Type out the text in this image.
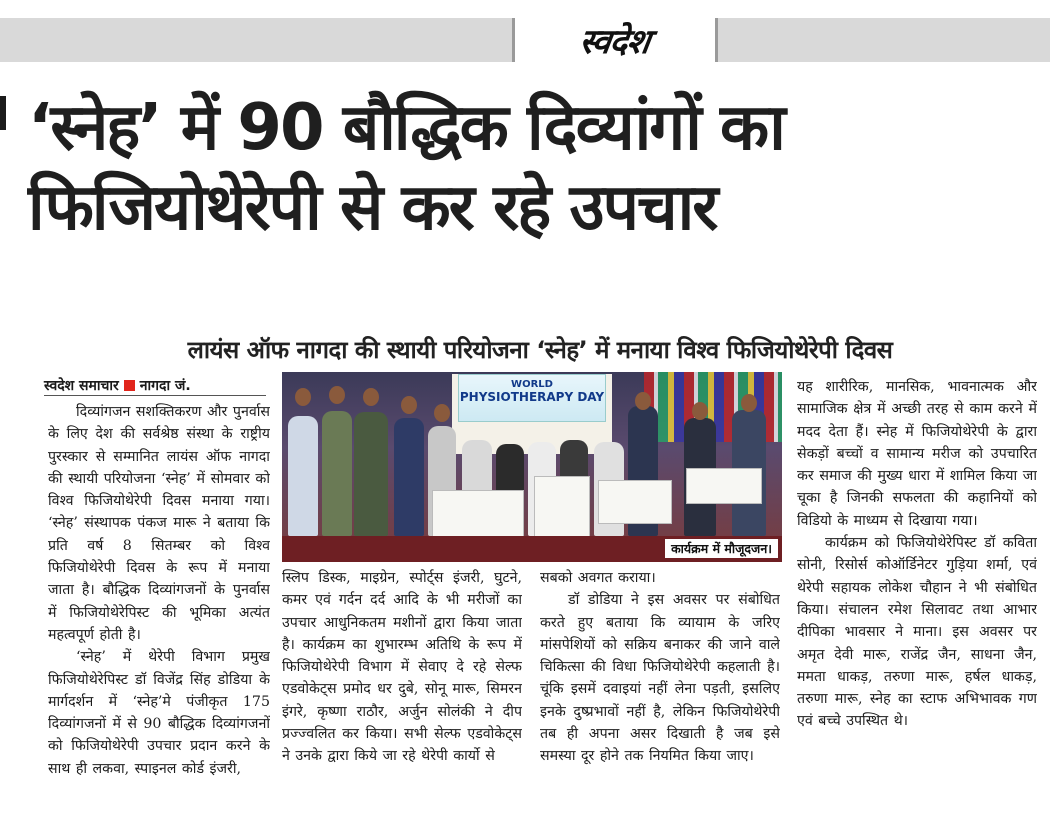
स्वदेश
‘स्नेह’ में 90 बौद्धिक दिव्यांगों का
फिजियोथेरेपी से कर रहे उपचार
लायंस ऑफ नागदा की स्थायी परियोजना ‘स्नेह’ में मनाया विश्व फिजियोथेरेपी दिवस
स्वदेश समाचार नागदा जं.

दिव्यांगजन सशक्तिकरण और पुनर्वास के लिए देश की सर्वश्रेष्ठ संस्था के राष्ट्रीय पुरस्कार से सम्मानित लायंस ऑफ नागदा की स्थायी परियोजना ‘स्नेह’ में सोमवार को विश्व फिजियोथेरेपी दिवस मनाया गया। ‘स्नेह’ संस्थापक पंकज मारू ने बताया कि प्रति वर्ष 8 सितम्बर को विश्व फिजियोथेरेपी दिवस के रूप में मनाया जाता है। बौद्धिक दिव्यांगजनों के पुनर्वास में फिजियोथेरेपिस्ट की भूमिका अत्यंत महत्वपूर्ण होती है।

‘स्नेह’ में थेरेपी विभाग प्रमुख फिजियोथेरेपिस्ट डॉ विजेंद्र सिंह डोडिया के मार्गदर्शन में ‘स्नेह’मे पंजीकृत 175 दिव्यांगजनों में से 90 बौद्धिक दिव्यांगजनों को फिजियोथेरेपी उपचार प्रदान करने के साथ ही लकवा, स्पाइनल कोर्ड इंजरी,

WORLD
PHYSIOTHERAPY DAY
कार्यक्रम में मौजूदजन।

स्लिप डिस्क, माइग्रेन, स्पोर्ट्स इंजरी, घुटने, कमर एवं गर्दन दर्द आदि के भी मरीजों का उपचार आधुनिकतम मशीनों द्वारा किया जाता है। कार्यक्रम का शुभारम्भ अतिथि के रूप में फिजियोथेरेपी विभाग में सेवाए दे रहे सेल्फ एडवोकेट्स प्रमोद धर दुबे, सोनू मारू, सिमरन इंगरे, कृष्णा राठौर, अर्जुन सोलंकी ने दीप प्रज्ज्वलित कर किया। सभी सेल्फ एडवोकेट्स ने उनके द्वारा किये जा रहे थेरेपी कार्यो से

सबको अवगत कराया।

डॉ डोडिया ने इस अवसर पर संबोधित करते हुए बताया कि व्यायाम के जरिए मांसपेशियों को सक्रिय बनाकर की जाने वाले चिकित्सा की विधा फिजियोथेरेपी कहलाती है। चूंकि इसमें दवाइयां नहीं लेना पड़ती, इसलिए इनके दुष्प्रभावों नहीं है, लेकिन फिजियोथेरेपी तब ही अपना असर दिखाती है जब इसे समस्या दूर होने तक नियमित किया जाए।

यह शारीरिक, मानसिक, भावनात्मक और सामाजिक क्षेत्र में अच्छी तरह से काम करने में मदद देता हैं। स्नेह में फिजियोथेरेपी के द्वारा सेकड़ों बच्चों व सामान्य मरीज को उपचारित कर समाज की मुख्य धारा में शामिल किया जा चूका है जिनकी सफलता की कहानियों को विडियो के माध्यम से दिखाया गया।

कार्यक्रम को फिजियोथेरेपिस्ट डॉ कविता सोनी, रिसोर्स कोऑर्डिनेटर गुड़िया शर्मा, एवं थेरेपी सहायक लोकेश चौहान ने भी संबोधित किया। संचालन रमेश सिलावट तथा आभार दीपिका भावसार ने माना। इस अवसर पर अमृत देवी मारू, राजेंद्र जैन, साधना जैन, ममता धाकड़, तरुणा मारू, हर्षल धाकड़, तरुणा मारू, स्नेह का स्टाफ अभिभावक गण एवं बच्चे उपस्थित थे।
